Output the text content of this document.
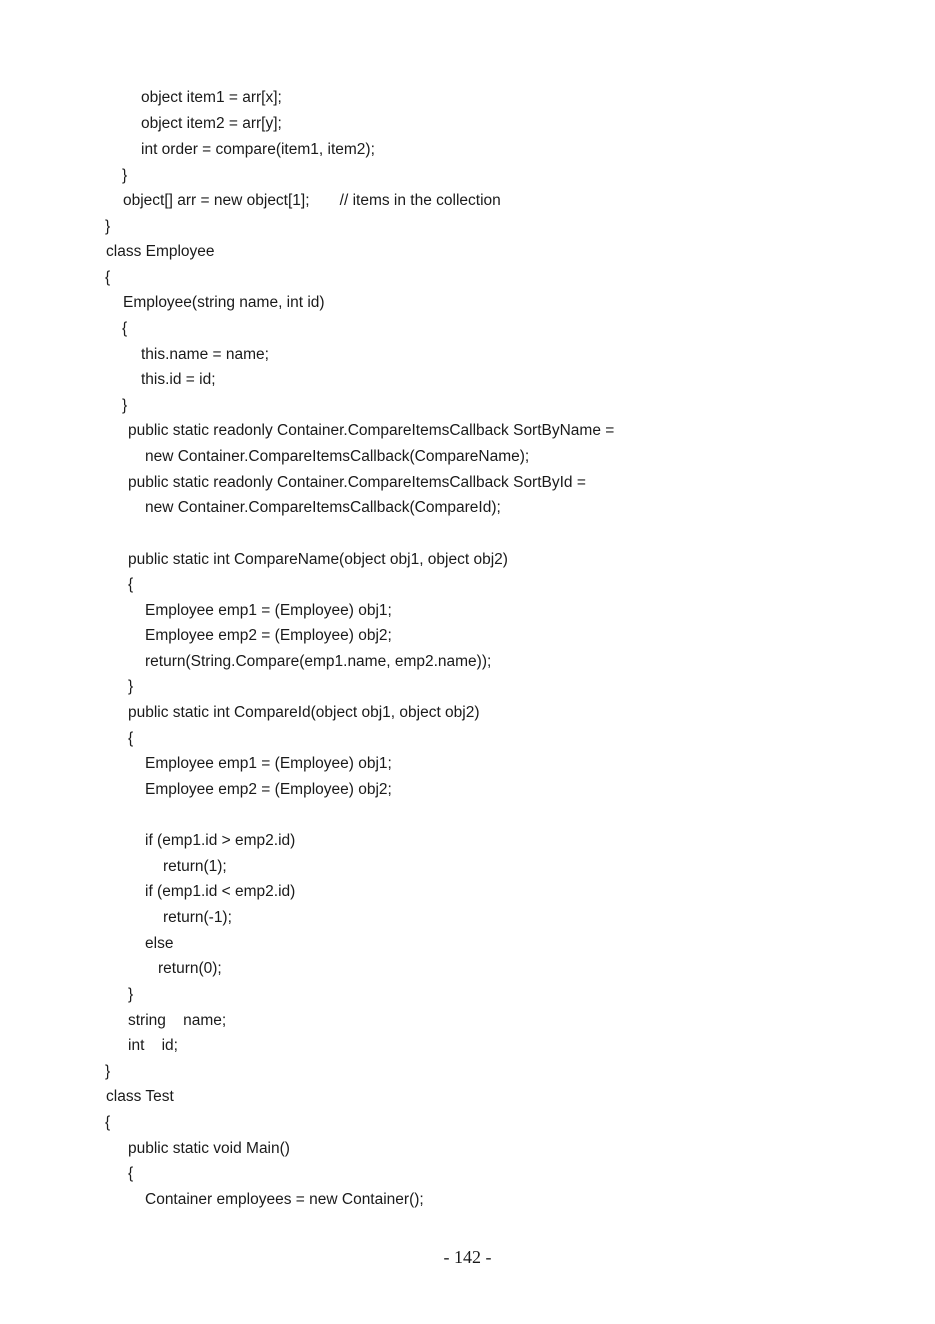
object item1 = arr[x];
object item2 = arr[y];
int order = compare(item1, item2);
}
object[] arr = new object[1];       // items in the collection
}
class Employee
{
Employee(string name, int id)
{
this.name = name;
this.id = id;
}
public static readonly Container.CompareItemsCallback SortByName =
new Container.CompareItemsCallback(CompareName);
public static readonly Container.CompareItemsCallback SortById =
new Container.CompareItemsCallback(CompareId);
public static int CompareName(object obj1, object obj2)
{
Employee emp1 = (Employee) obj1;
Employee emp2 = (Employee) obj2;
return(String.Compare(emp1.name, emp2.name));
}
public static int CompareId(object obj1, object obj2)
{
Employee emp1 = (Employee) obj1;
Employee emp2 = (Employee) obj2;
if (emp1.id > emp2.id)
return(1);
if (emp1.id < emp2.id)
return(-1);
else
return(0);
}
string    name;
int    id;
}
class Test
{
public static void Main()
{
Container employees = new Container();
- 142 -
